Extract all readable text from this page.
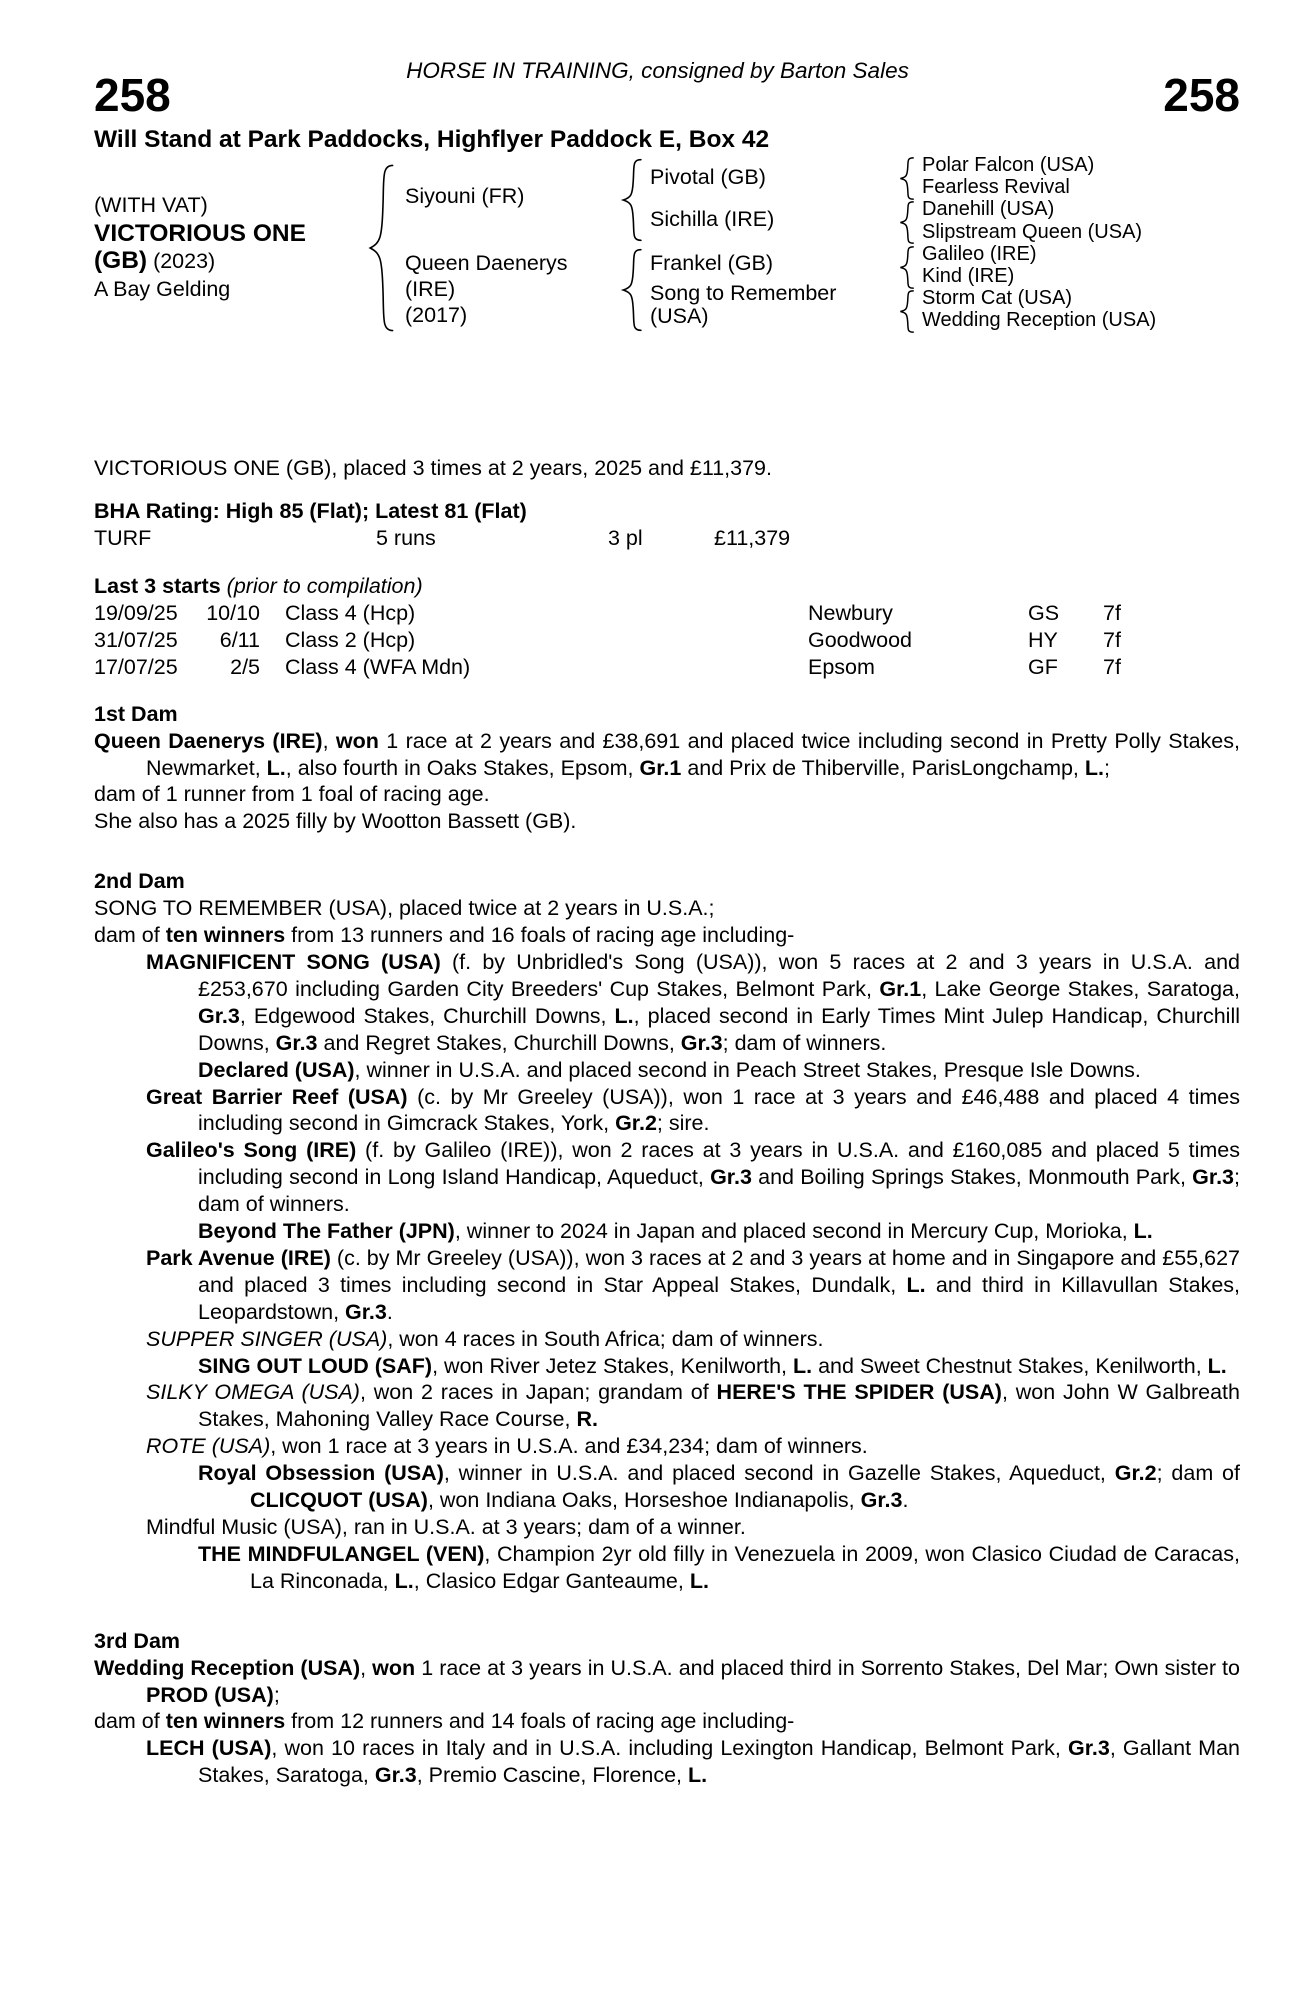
HORSE IN TRAINING, consigned by Barton Sales
258	258
Will Stand at Park Paddocks, Highflyer Paddock E, Box 42
(WITH VAT)
VICTORIOUS ONE
(GB) (2023)
A Bay Gelding
Siyouni (FR)
Queen Daenerys
(IRE)
(2017)
Pivotal (GB)
Sichilla (IRE)
Frankel (GB)
Song to Remember
(USA)
Polar Falcon (USA)
Fearless Revival
Danehill (USA)
Slipstream Queen (USA)
Galileo (IRE)
Kind (IRE)
Storm Cat (USA)
Wedding Reception (USA)
VICTORIOUS ONE (GB), placed 3 times at 2 years, 2025 and £11,379.
BHA Rating: High 85 (Flat); Latest 81 (Flat)
TURF	5 runs	3 pl	£11,379
Last 3 starts (prior to compilation)
19/09/25 10/10 Class 4 (Hcp)	Newbury	GS 7f
31/07/25 6/11 Class 2 (Hcp)	Goodwood	HY 7f
17/07/25 2/5 Class 4 (WFA Mdn)	Epsom	GF 7f
1st Dam
Queen Daenerys (IRE), won 1 race at 2 years and £38,691 and placed twice including second in Pretty Polly Stakes, Newmarket, L., also fourth in Oaks Stakes, Epsom, Gr.1 and Prix de Thiberville, ParisLongchamp, L.;
dam of 1 runner from 1 foal of racing age.
She also has a 2025 filly by Wootton Bassett (GB).
2nd Dam
SONG TO REMEMBER (USA), placed twice at 2 years in U.S.A.;
dam of ten winners from 13 runners and 16 foals of racing age including-
MAGNIFICENT SONG (USA) (f. by Unbridled's Song (USA)), won 5 races at 2 and 3 years in U.S.A. and £253,670 including Garden City Breeders' Cup Stakes, Belmont Park, Gr.1, Lake George Stakes, Saratoga, Gr.3, Edgewood Stakes, Churchill Downs, L., placed second in Early Times Mint Julep Handicap, Churchill Downs, Gr.3 and Regret Stakes, Churchill Downs, Gr.3; dam of winners.
Declared (USA), winner in U.S.A. and placed second in Peach Street Stakes, Presque Isle Downs.
Great Barrier Reef (USA) (c. by Mr Greeley (USA)), won 1 race at 3 years and £46,488 and placed 4 times including second in Gimcrack Stakes, York, Gr.2; sire.
Galileo's Song (IRE) (f. by Galileo (IRE)), won 2 races at 3 years in U.S.A. and £160,085 and placed 5 times including second in Long Island Handicap, Aqueduct, Gr.3 and Boiling Springs Stakes, Monmouth Park, Gr.3; dam of winners.
Beyond The Father (JPN), winner to 2024 in Japan and placed second in Mercury Cup, Morioka, L.
Park Avenue (IRE) (c. by Mr Greeley (USA)), won 3 races at 2 and 3 years at home and in Singapore and £55,627 and placed 3 times including second in Star Appeal Stakes, Dundalk, L. and third in Killavullan Stakes, Leopardstown, Gr.3.
SUPPER SINGER (USA), won 4 races in South Africa; dam of winners.
SING OUT LOUD (SAF), won River Jetez Stakes, Kenilworth, L. and Sweet Chestnut Stakes, Kenilworth, L.
SILKY OMEGA (USA), won 2 races in Japan; grandam of HERE'S THE SPIDER (USA), won John W Galbreath Stakes, Mahoning Valley Race Course, R.
ROTE (USA), won 1 race at 3 years in U.S.A. and £34,234; dam of winners.
Royal Obsession (USA), winner in U.S.A. and placed second in Gazelle Stakes, Aqueduct, Gr.2; dam of CLICQUOT (USA), won Indiana Oaks, Horseshoe Indianapolis, Gr.3.
Mindful Music (USA), ran in U.S.A. at 3 years; dam of a winner.
THE MINDFULANGEL (VEN), Champion 2yr old filly in Venezuela in 2009, won Clasico Ciudad de Caracas, La Rinconada, L., Clasico Edgar Ganteaume, L.
3rd Dam
Wedding Reception (USA), won 1 race at 3 years in U.S.A. and placed third in Sorrento Stakes, Del Mar; Own sister to PROD (USA);
dam of ten winners from 12 runners and 14 foals of racing age including-
LECH (USA), won 10 races in Italy and in U.S.A. including Lexington Handicap, Belmont Park, Gr.3, Gallant Man Stakes, Saratoga, Gr.3, Premio Cascine, Florence, L.
